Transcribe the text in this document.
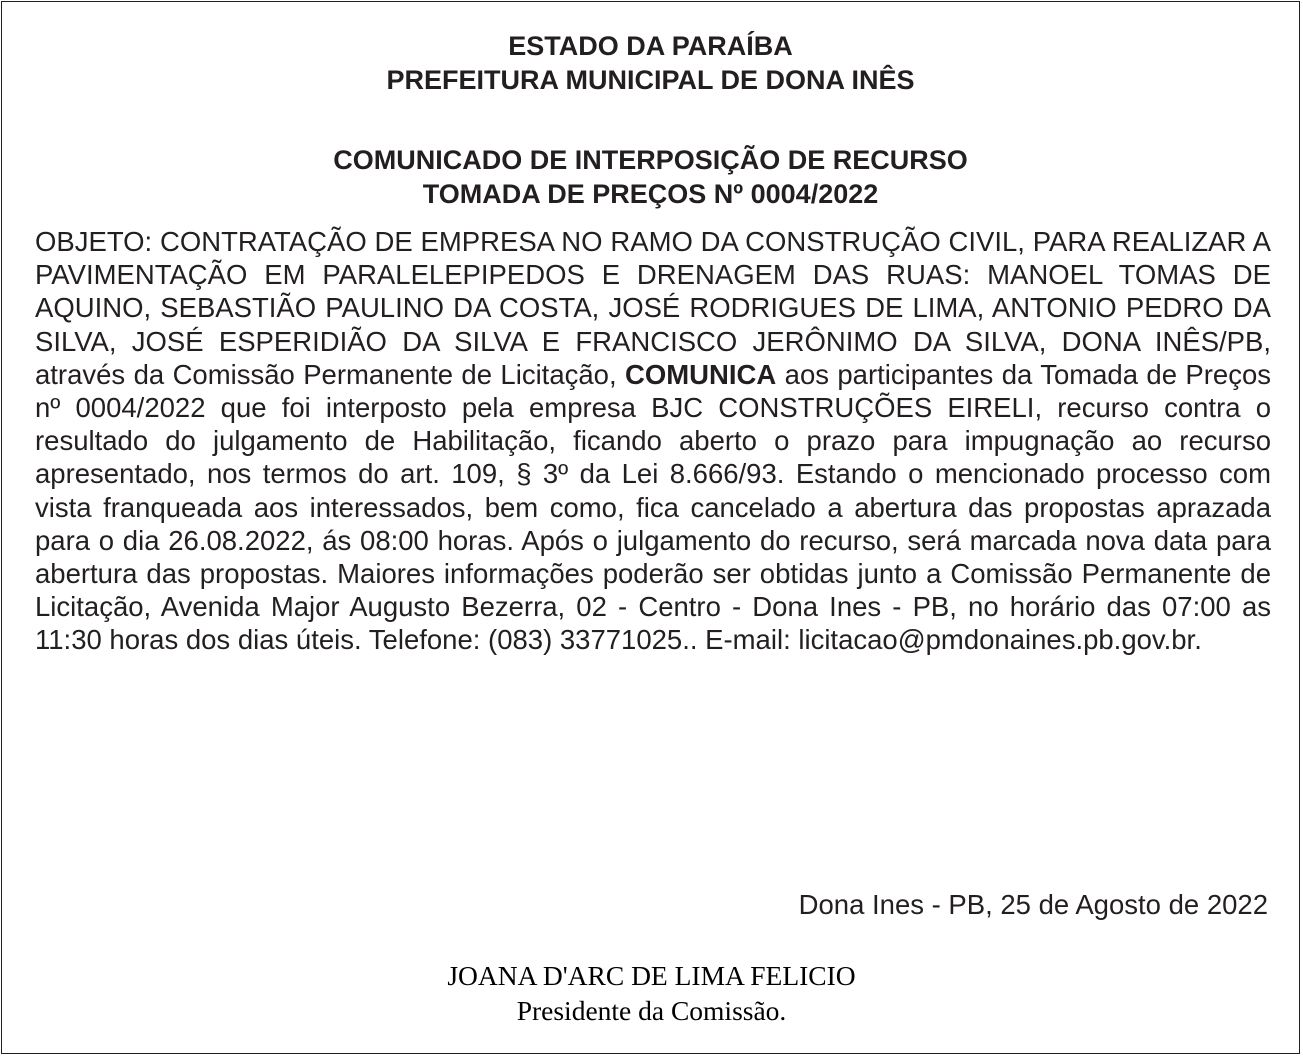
ESTADO DA PARAÍBA
PREFEITURA MUNICIPAL DE DONA INÊS
COMUNICADO DE INTERPOSIÇÃO DE RECURSO
TOMADA DE PREÇOS Nº 0004/2022
OBJETO: CONTRATAÇÃO DE EMPRESA NO RAMO DA CONSTRUÇÃO CIVIL, PARA REALIZAR A PAVIMENTAÇÃO EM PARALELEPIPEDOS E DRENAGEM DAS RUAS: MANOEL TOMAS DE AQUINO, SEBASTIÃO PAULINO DA COSTA, JOSÉ RODRIGUES DE LIMA, ANTONIO PEDRO DA SILVA, JOSÉ ESPERIDIÃO DA SILVA E FRANCISCO JERÔNIMO DA SILVA, DONA INÊS/PB, através da Comissão Permanente de Licitação, COMUNICA aos participantes da Tomada de Preços nº 0004/2022 que foi interposto pela empresa BJC CONSTRUÇÕES EIRELI, recurso contra o resultado do julgamento de Habilitação, ficando aberto o prazo para impugnação ao recurso apresentado, nos termos do art. 109, § 3º da Lei 8.666/93. Estando o mencionado processo com vista franqueada aos interessados, bem como, fica cancelado a abertura das propostas aprazada para o dia 26.08.2022, ás 08:00 horas. Após o julgamento do recurso, será marcada nova data para abertura das propostas. Maiores informações poderão ser obtidas junto a Comissão Permanente de Licitação, Avenida Major Augusto Bezerra, 02 - Centro - Dona Ines - PB, no horário das 07:00 as 11:30 horas dos dias úteis. Telefone: (083) 33771025.. E-mail: licitacao@pmdonaines.pb.gov.br.
Dona Ines - PB, 25 de Agosto de 2022
JOANA D'ARC DE LIMA FELICIO
Presidente da Comissão.
